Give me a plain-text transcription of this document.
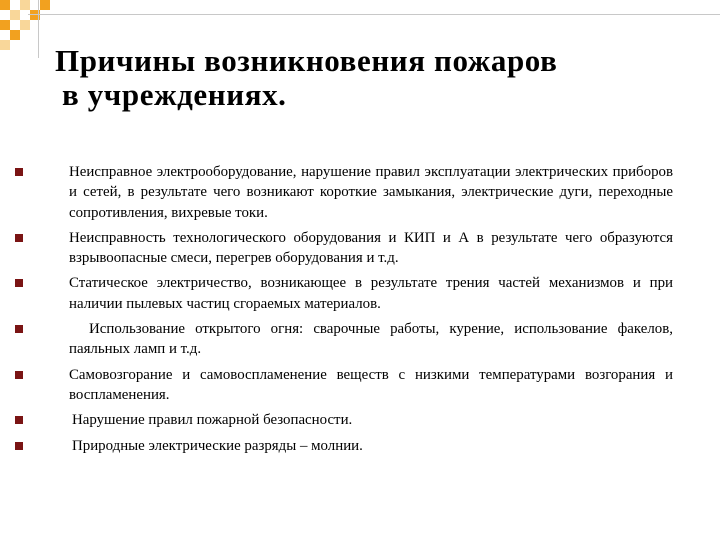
Причины возникновения пожаров
в учреждениях.
Неисправное электрооборудование, нарушение правил эксплуатации электрических приборов и сетей, в результате чего возникают короткие замыкания, электрические дуги, переходные сопротивления, вихревые токи.
Неисправность технологического оборудования и КИП и А в результате чего образуются взрывоопасные смеси, перегрев оборудования и т.д.
Статическое электричество, возникающее в результате трения частей механизмов и при наличии пылевых частиц сгораемых материалов.
Использование открытого огня: сварочные работы, курение, использование факелов, паяльных ламп и т.д.
Самовозгорание и самовоспламенение веществ с низкими температурами возгорания и воспламенения.
Нарушение правил пожарной безопасности.
Природные электрические разряды – молнии.
